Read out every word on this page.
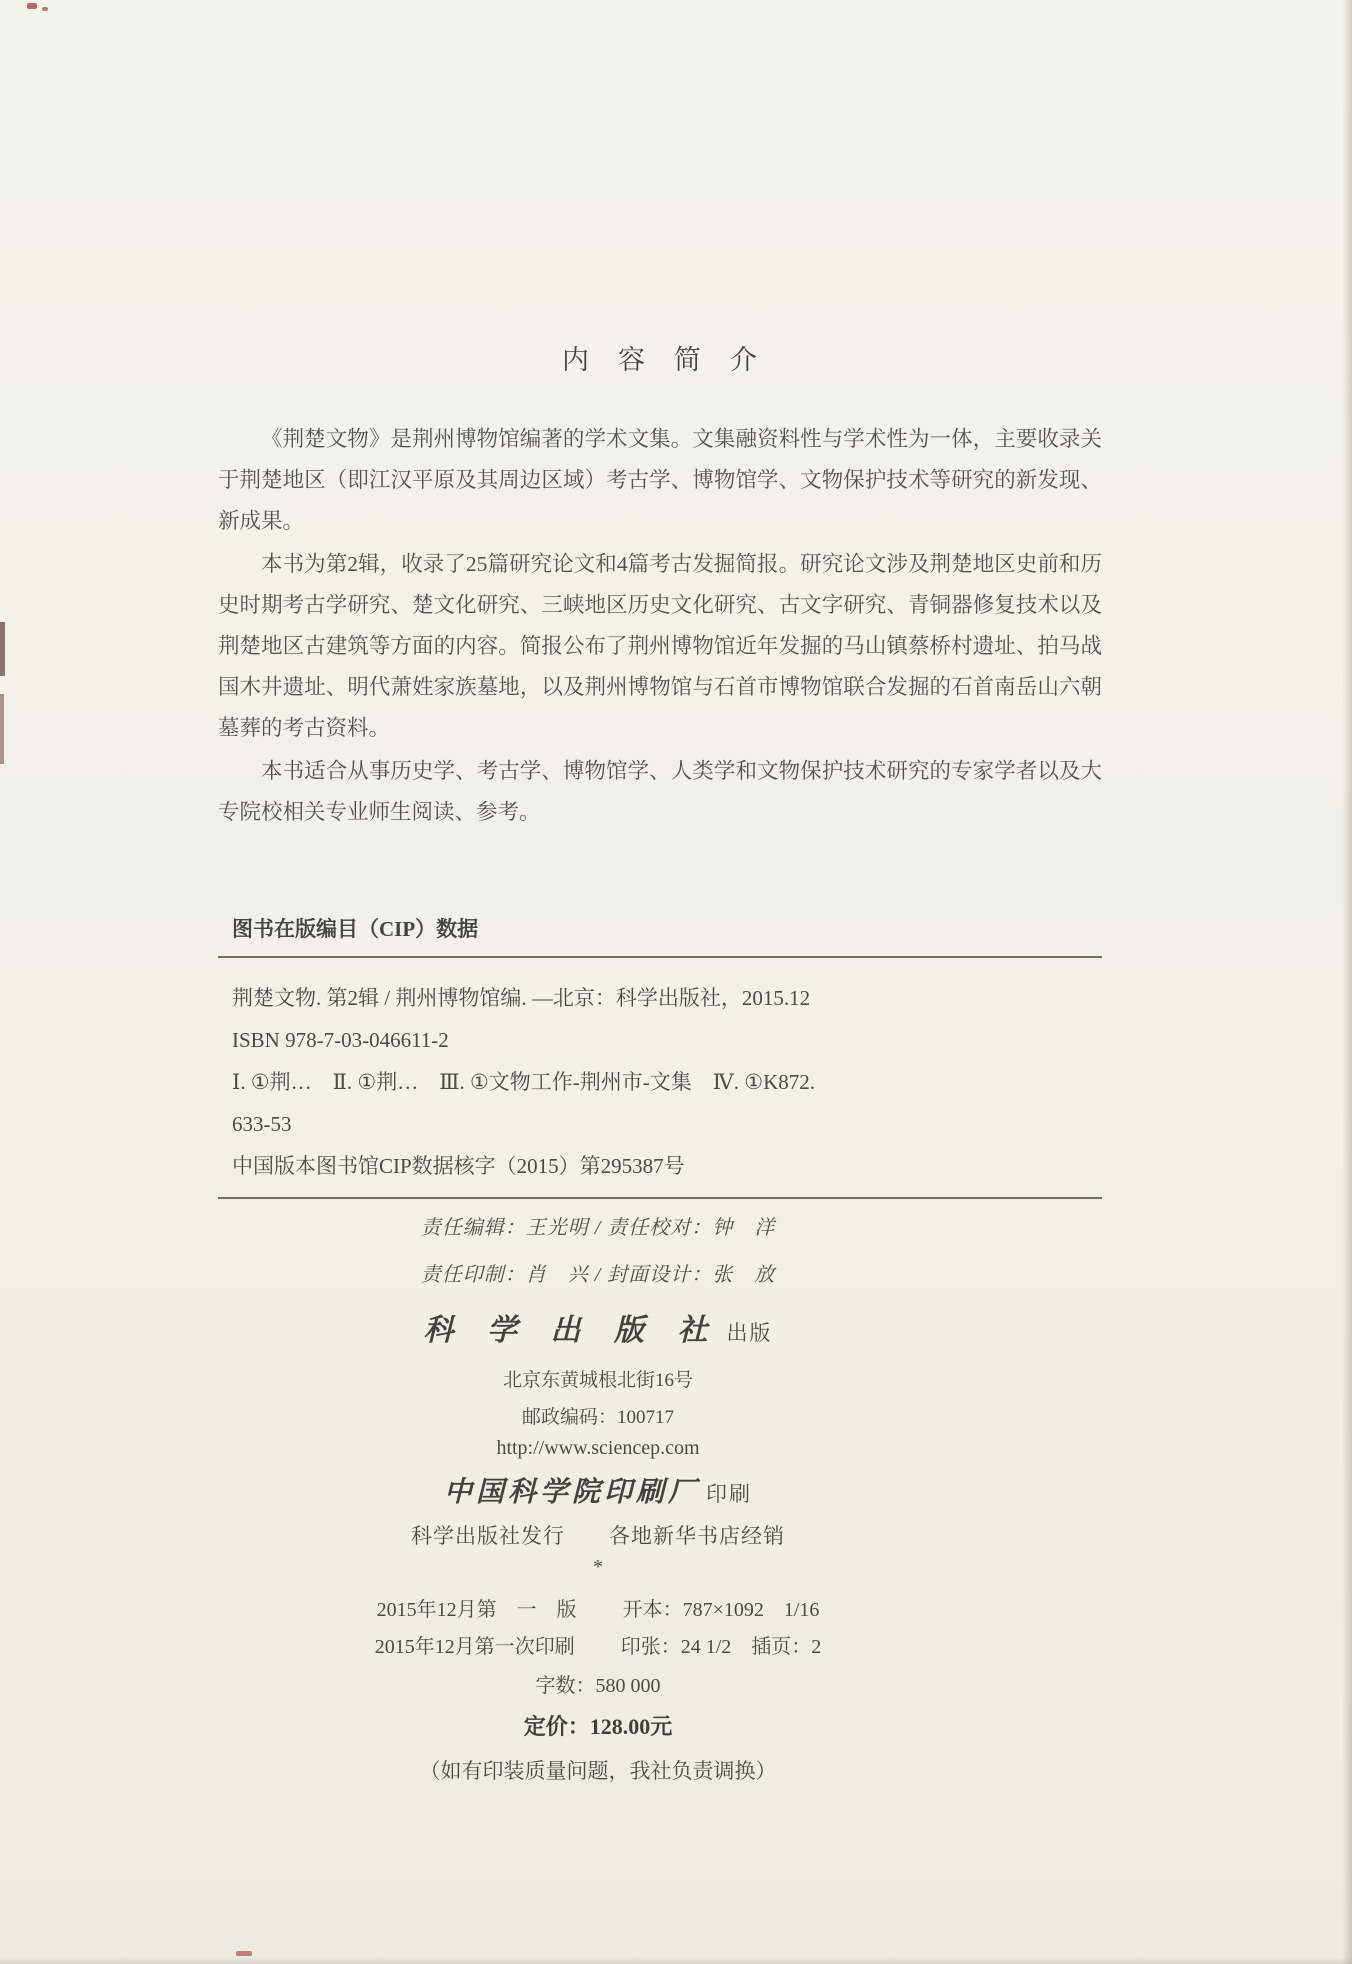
内　容　简　介

《荆楚文物》是荆州博物馆编著的学术文集。文集融资料性与学术性为一体，主要收录关于荆楚地区（即江汉平原及其周边区域）考古学、博物馆学、文物保护技术等研究的新发现、新成果。

本书为第2辑，收录了25篇研究论文和4篇考古发掘简报。研究论文涉及荆楚地区史前和历史时期考古学研究、楚文化研究、三峡地区历史文化研究、古文字研究、青铜器修复技术以及荆楚地区古建筑等方面的内容。简报公布了荆州博物馆近年发掘的马山镇蔡桥村遗址、拍马战国木井遗址、明代萧姓家族墓地，以及荆州博物馆与石首市博物馆联合发掘的石首南岳山六朝墓葬的考古资料。

本书适合从事历史学、考古学、博物馆学、人类学和文物保护技术研究的专家学者以及大专院校相关专业师生阅读、参考。

图书在版编目（CIP）数据
荆楚文物. 第2辑 / 荆州博物馆编. —北京：科学出版社，2015.12
ISBN 978-7-03-046611-2
Ⅰ. ①荆…　Ⅱ. ①荆…　Ⅲ. ①文物工作-荆州市-文集　Ⅳ. ①K872.
633-53
中国版本图书馆CIP数据核字（2015）第295387号
责任编辑：王光明 / 责任校对：钟　洋
责任印制：肖　兴 / 封面设计：张　放
科 学 出 版 社 出版
北京东黄城根北街16号
邮政编码：100717
http://www.sciencep.com
中国科学院印刷厂 印刷
科学出版社发行　　各地新华书店经销
*
2015年12月第　一　版 开本：787×1092　1/16
2015年12月第一次印刷 印张：24 1/2　插页：2
字数：580 000
定价：128.00元
（如有印装质量问题，我社负责调换）
